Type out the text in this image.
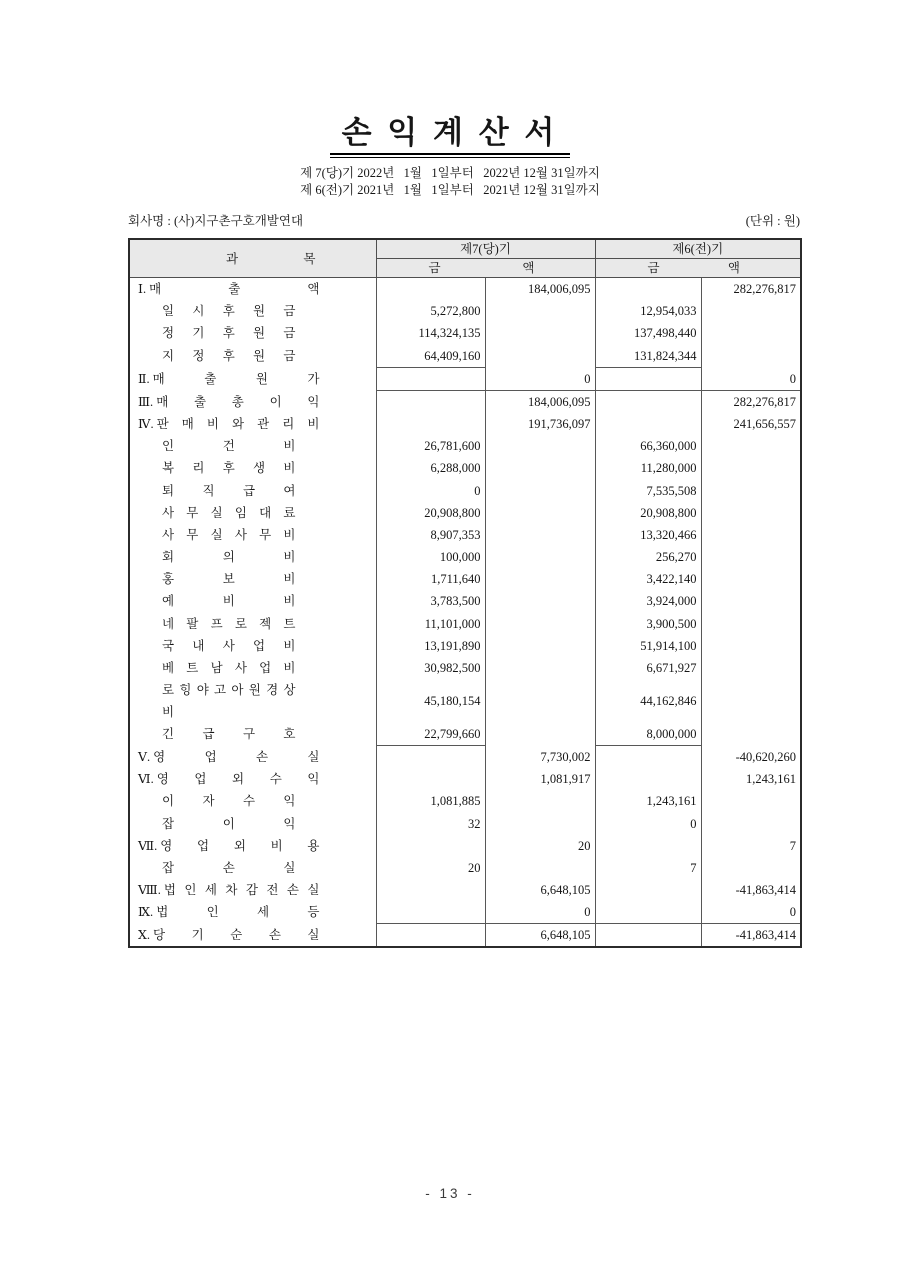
손 익 계 산 서
제 7(당)기 2022년   1월   1일부터   2022년 12월 31일까지
제 6(전)기 2021년   1월   1일부터   2021년 12월 31일까지
회사명 : (사)지구촌구호개발연대	(단위 : 원)
과 목	제7(당)기		제6(전)기	

	금 액		금 액	

Ⅰ. 매 출 액		184,006,095		282,276,817

일 시 후 원 금	5,272,800		12,954,033	

정 기 후 원 금	114,324,135		137,498,440	

지 정 후 원 금	64,409,160		131,824,344	

Ⅱ. 매 출 원 가		0		0

Ⅲ. 매 출 총 이 익		184,006,095		282,276,817

Ⅳ. 판 매 비 와 관 리 비		191,736,097		241,656,557

인 건 비	26,781,600		66,360,000	

복 리 후 생 비	6,288,000		11,280,000	

퇴 직 급 여	0		7,535,508	

사 무 실 임 대 료	20,908,800		20,908,800	

사 무 실 사 무 비	8,907,353		13,320,466	

회 의 비	100,000		256,270	

홍 보 비	1,711,640		3,422,140	

예 비 비	3,783,500		3,924,000	

네 팔 프 로 젝 트	11,101,000		3,900,500	

국 내 사 업 비	13,191,890		51,914,100	

베 트 남 사 업 비	30,982,500		6,671,927	

로 힝 야 고 아 원 경 상 비	45,180,154		44,162,846	

긴 급 구 호	22,799,660		8,000,000	

Ⅴ. 영 업 손 실		7,730,002		-40,620,260

Ⅵ. 영 업 외 수 익		1,081,917		1,243,161

이 자 수 익	1,081,885		1,243,161	

잡 이 익	32		0	

Ⅶ. 영 업 외 비 용		20		7

잡 손 실	20		7	

Ⅷ. 법 인 세 차 감 전 손 실		6,648,105		-41,863,414

Ⅸ. 법 인 세 등		0		0

Ⅹ. 당 기 순 손 실		6,648,105		-41,863,414
- 13 -
